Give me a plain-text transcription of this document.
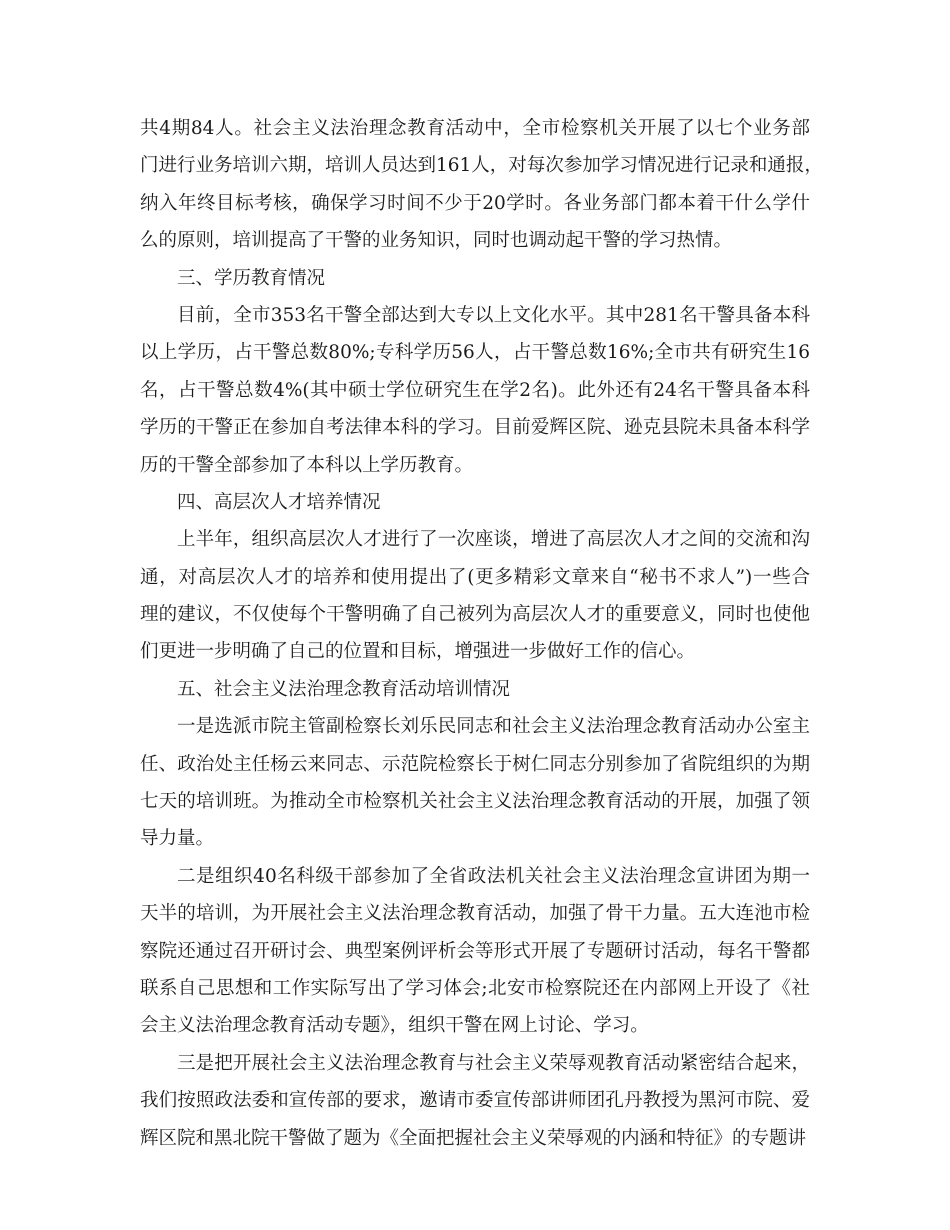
共4期84人。社会主义法治理念教育活动中，全市检察机关开展了以七个业务部
门进行业务培训六期，培训人员达到161人，对每次参加学习情况进行记录和通报，
纳入年终目标考核，确保学习时间不少于20学时。各业务部门都本着干什么学什
么的原则，培训提高了干警的业务知识，同时也调动起干警的学习热情。
三、学历教育情况
目前，全市353名干警全部达到大专以上文化水平。其中281名干警具备本科
以上学历，占干警总数80%;专科学历56人，占干警总数16%;全市共有研究生16
名，占干警总数4%(其中硕士学位研究生在学2名)。此外还有24名干警具备本科
学历的干警正在参加自考法律本科的学习。目前爱辉区院、逊克县院未具备本科学
历的干警全部参加了本科以上学历教育。
四、高层次人才培养情况
上半年，组织高层次人才进行了一次座谈，增进了高层次人才之间的交流和沟
通，对高层次人才的培养和使用提出了(更多精彩文章来自“秘书不求人”)一些合
理的建议，不仅使每个干警明确了自己被列为高层次人才的重要意义，同时也使他
们更进一步明确了自己的位置和目标，增强进一步做好工作的信心。
五、社会主义法治理念教育活动培训情况
一是选派市院主管副检察长刘乐民同志和社会主义法治理念教育活动办公室主
任、政治处主任杨云来同志、示范院检察长于树仁同志分别参加了省院组织的为期
七天的培训班。为推动全市检察机关社会主义法治理念教育活动的开展，加强了领
导力量。
二是组织40名科级干部参加了全省政法机关社会主义法治理念宣讲团为期一
天半的培训，为开展社会主义法治理念教育活动，加强了骨干力量。五大连池市检
察院还通过召开研讨会、典型案例评析会等形式开展了专题研讨活动，每名干警都
联系自己思想和工作实际写出了学习体会;北安市检察院还在内部网上开设了《社
会主义法治理念教育活动专题》，组织干警在网上讨论、学习。
三是把开展社会主义法治理念教育与社会主义荣辱观教育活动紧密结合起来，
我们按照政法委和宣传部的要求，邀请市委宣传部讲师团孔丹教授为黑河市院、爱
辉区院和黑北院干警做了题为《全面把握社会主义荣辱观的内涵和特征》的专题讲
